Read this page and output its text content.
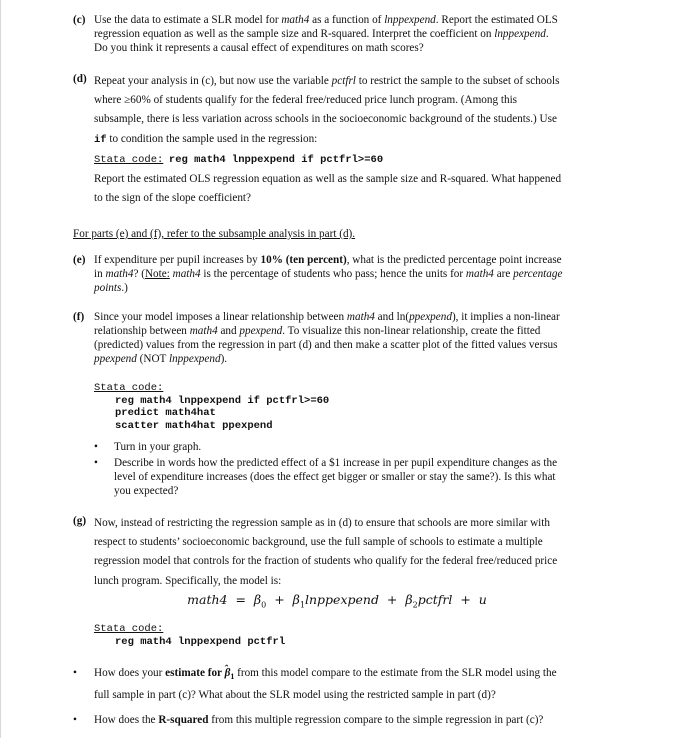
(c) Use the data to estimate a SLR model for math4 as a function of lnppexpend. Report the estimated OLS

regression equation as well as the sample size and R-squared. Interpret the coefficient on lnppexpend.

Do you think it represents a causal effect of expenditures on math scores?

(d) Repeat your analysis in (c), but now use the variable pctfrl to restrict the sample to the subset of schools

where ≥60% of students qualify for the federal free/reduced price lunch program. (Among this

subsample, there is less variation across schools in the socioeconomic background of the students.) Use

if to condition the sample used in the regression:

Stata code: reg math4 lnppexpend if pctfrl>=60

Report the estimated OLS regression equation as well as the sample size and R-squared. What happened

to the sign of the slope coefficient?

For parts (e) and (f), refer to the subsample analysis in part (d).

(e) If expenditure per pupil increases by 10% (ten percent), what is the predicted percentage point increase

in math4? (Note: math4 is the percentage of students who pass; hence the units for math4 are percentage

points.)

(f) Since your model imposes a linear relationship between math4 and ln(ppexpend), it implies a non-linear

relationship between math4 and ppexpend. To visualize this non-linear relationship, create the fitted

(predicted) values from the regression in part (d) and then make a scatter plot of the fitted values versus

ppexpend (NOT lnppexpend).

Stata code:

reg math4 lnppexpend if pctfrl>=60

predict math4hat

scatter math4hat ppexpend

• Turn in your graph.

• Describe in words how the predicted effect of a $1 increase in per pupil expenditure changes as the

level of expenditure increases (does the effect get bigger or smaller or stay the same?). Is this what

you expected?

(g) Now, instead of restricting the regression sample as in (d) to ensure that schools are more similar with

respect to students’ socioeconomic background, use the full sample of schools to estimate a multiple

regression model that controls for the fraction of students who qualify for the federal free/reduced price

lunch program. Specifically, the model is:

math4 = $\beta_0$ + $\beta_1lnppexpend$ + $\beta_2pctfrl + u$

Stata code:

reg math4 lnppexpend pctfrl

• How does your estimate for β
$_1$ from this model compare to the estimate from the SLR model using the

full sample in part (c)? What about the SLR model using the restricted sample in part (d)?

• How does the R-squared from this multiple regression compare to the simple regression in part (c)?
